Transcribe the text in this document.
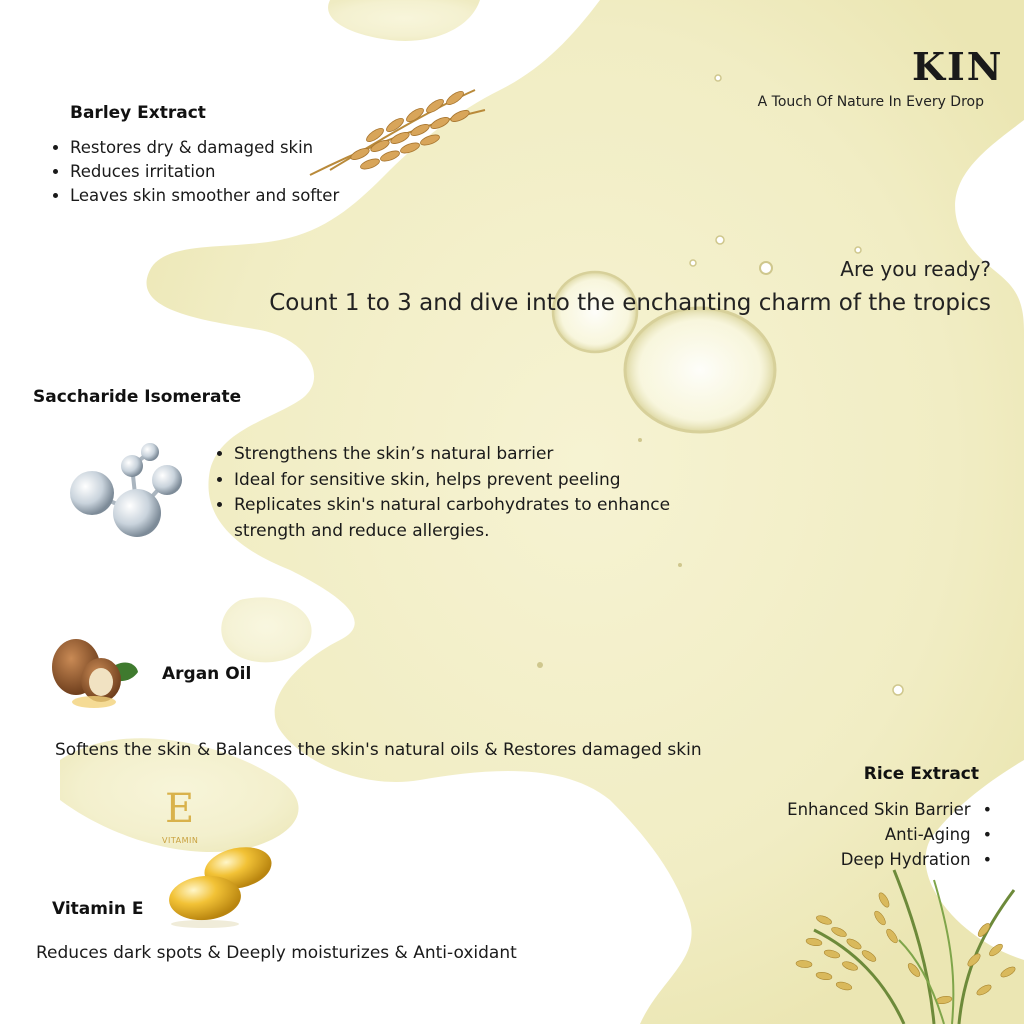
KIN
A Touch Of Nature In Every Drop
Are you ready?
Count 1 to 3 and dive into the enchanting charm of the tropics
Barley Extract
• Restores dry & damaged skin
• Reduces irritation
• Leaves skin smoother and softer
Saccharide Isomerate
• Strengthens the skin’s natural barrier
• Ideal for sensitive skin, helps prevent peeling
• Replicates skin's natural carbohydrates to enhance strength and reduce allergies.
Argan Oil
Softens the skin & Balances the skin's natural oils & Restores damaged skin
E
VITAMIN
Vitamin E
Reduces dark spots & Deeply moisturizes & Anti-oxidant
Rice Extract
Enhanced Skin Barrier •
Anti-Aging •
Deep Hydration •
